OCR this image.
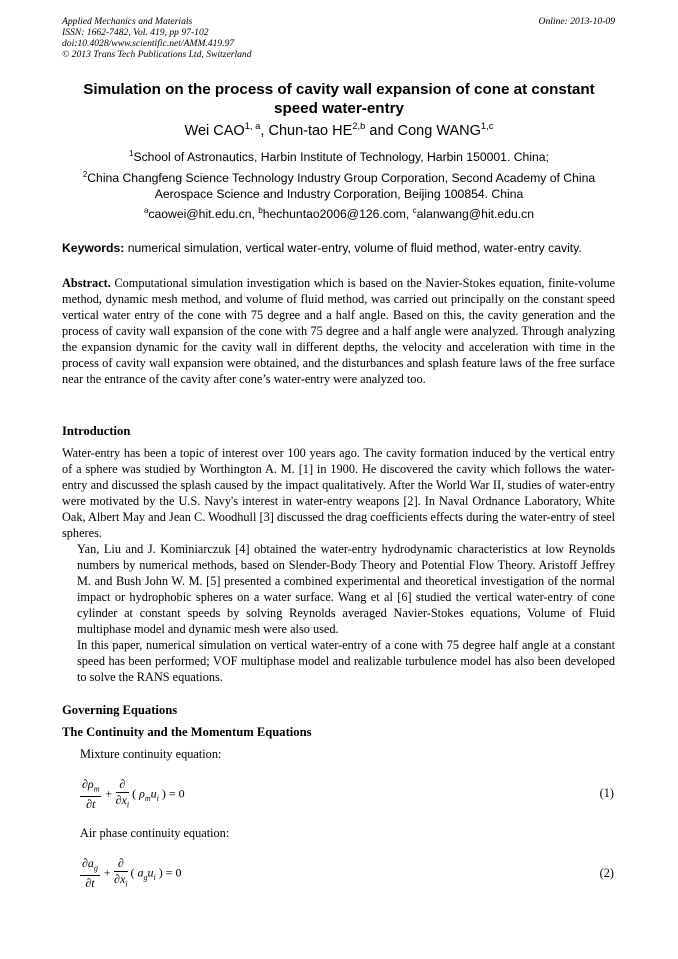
Applied Mechanics and Materials
ISSN: 1662-7482, Vol. 419, pp 97-102
doi:10.4028/www.scientific.net/AMM.419.97
© 2013 Trans Tech Publications Ltd, Switzerland
Online: 2013-10-09
Simulation on the process of cavity wall expansion of cone at constant speed water-entry
Wei CAO$^{1, a}$, Chun-tao HE$^{2,b}$ and Cong WANG$^{1,c}$
$^1$School of Astronautics, Harbin Institute of Technology, Harbin 150001. China;
$^2$China Changfeng Science Technology Industry Group Corporation, Second Academy of China
Aerospace Science and Industry Corporation, Beijing 100854. China
$^a$caowei@hit.edu.cn, $^b$hechuntao2006@126.com, $^c$alanwang@hit.edu.cn
Keywords: numerical simulation, vertical water-entry, volume of fluid method, water-entry cavity.
Abstract. Computational simulation investigation which is based on the Navier-Stokes equation, finite-volume method, dynamic mesh method, and volume of fluid method, was carried out principally on the constant speed vertical water entry of the cone with 75 degree and a half angle. Based on this, the cavity generation and the process of cavity wall expansion of the cone with 75 degree and a half angle were analyzed. Through analyzing the expansion dynamic for the cavity wall in different depths, the velocity and acceleration with time in the process of cavity wall expansion were obtained, and the disturbances and splash feature laws of the free surface near the entrance of the cavity after cone’s water-entry were analyzed too.
Introduction
Water-entry has been a topic of interest over 100 years ago. The cavity formation induced by the vertical entry of a sphere was studied by Worthington A. M. [1] in 1900. He discovered the cavity which follows the water-entry and discussed the splash caused by the impact qualitatively. After the World War II, studies of water-entry were motivated by the U.S. Navy's interest in water-entry weapons [2]. In Naval Ordnance Laboratory, White Oak, Albert May and Jean C. Woodhull [3] discussed the drag coefficients effects during the water-entry of steel spheres.
Yan, Liu and J. Kominiarczuk [4] obtained the water-entry hydrodynamic characteristics at low Reynolds numbers by numerical methods, based on Slender-Body Theory and Potential Flow Theory. Aristoff Jeffrey M. and Bush John W. M. [5] presented a combined experimental and theoretical investigation of the normal impact or hydrophobic spheres on a water surface. Wang et al [6] studied the vertical water-entry of cone cylinder at constant speeds by solving Reynolds averaged Navier-Stokes equations, Volume of Fluid multiphase model and dynamic mesh were also used.
In this paper, numerical simulation on vertical water-entry of a cone with 75 degree half angle at a constant speed has been performed; VOF multiphase model and realizable turbulence model has also been developed to solve the RANS equations.
Governing Equations
The Continuity and the Momentum Equations
Mixture continuity equation:
$\frac{\partial\rho_m}{\partial t} + \frac{\partial}{\partial x_i}$ ( $\rho_mu_i$ ) = 0	(1)
Air phase continuity equation:
$\frac{\partial a_g}{\partial t} + \frac{\partial}{\partial x_i}$ ( $a_gu_i$ ) = 0	(2)
